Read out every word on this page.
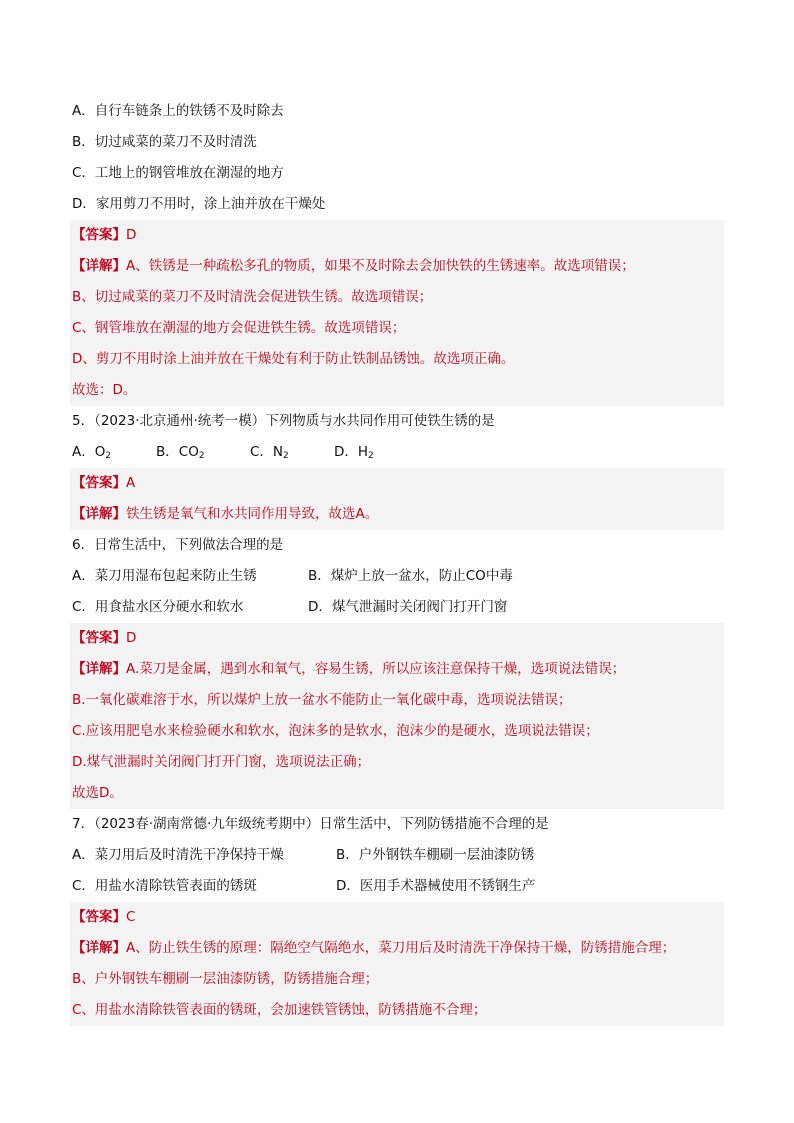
A．自行车链条上的铁锈不及时除去
B．切过咸菜的菜刀不及时清洗
C．工地上的钢管堆放在潮湿的地方
D．家用剪刀不用时，涂上油并放在干燥处
【答案】D
【详解】A、铁锈是一种疏松多孔的物质，如果不及时除去会加快铁的生锈速率。故选项错误；
B、切过咸菜的菜刀不及时清洗会促进铁生锈。故选项错误；
C、钢管堆放在潮湿的地方会促进铁生锈。故选项错误；
D、剪刀不用时涂上油并放在干燥处有利于防止铁制品锈蚀。故选项正确。
故选：D。
5．（2023·北京通州·统考一模）下列物质与水共同作用可使铁生锈的是
A．$O_2$	B．$CO_2$	C．$N_2$	D．$H_2$
【答案】A
【详解】铁生锈是氧气和水共同作用导致，故选A。
6．日常生活中，下列做法合理的是
A．菜刀用湿布包起来防止生锈	B．煤炉上放一盆水，防止CO中毒
C．用食盐水区分硬水和软水	D．煤气泄漏时关闭阀门打开门窗
【答案】D
【详解】A.菜刀是金属，遇到水和氧气，容易生锈，所以应该注意保持干燥，选项说法错误；
B.一氧化碳难溶于水，所以煤炉上放一盆水不能防止一氧化碳中毒，选项说法错误；
C.应该用肥皂水来检验硬水和软水，泡沫多的是软水，泡沫少的是硬水，选项说法错误；
D.煤气泄漏时关闭阀门打开门窗，选项说法正确；
故选D。
7．（2023春·湖南常德·九年级统考期中）日常生活中，下列防锈措施不合理的是
A．菜刀用后及时清洗干净保持干燥	B．户外钢铁车棚刷一层油漆防锈
C．用盐水清除铁管表面的锈斑	D．医用手术器械使用不锈钢生产
【答案】C
【详解】A、防止铁生锈的原理：隔绝空气隔绝水，菜刀用后及时清洗干净保持干燥，防锈措施合理；
B、户外钢铁车棚刷一层油漆防锈，防锈措施合理；
C、用盐水清除铁管表面的锈斑，会加速铁管锈蚀，防锈措施不合理；
